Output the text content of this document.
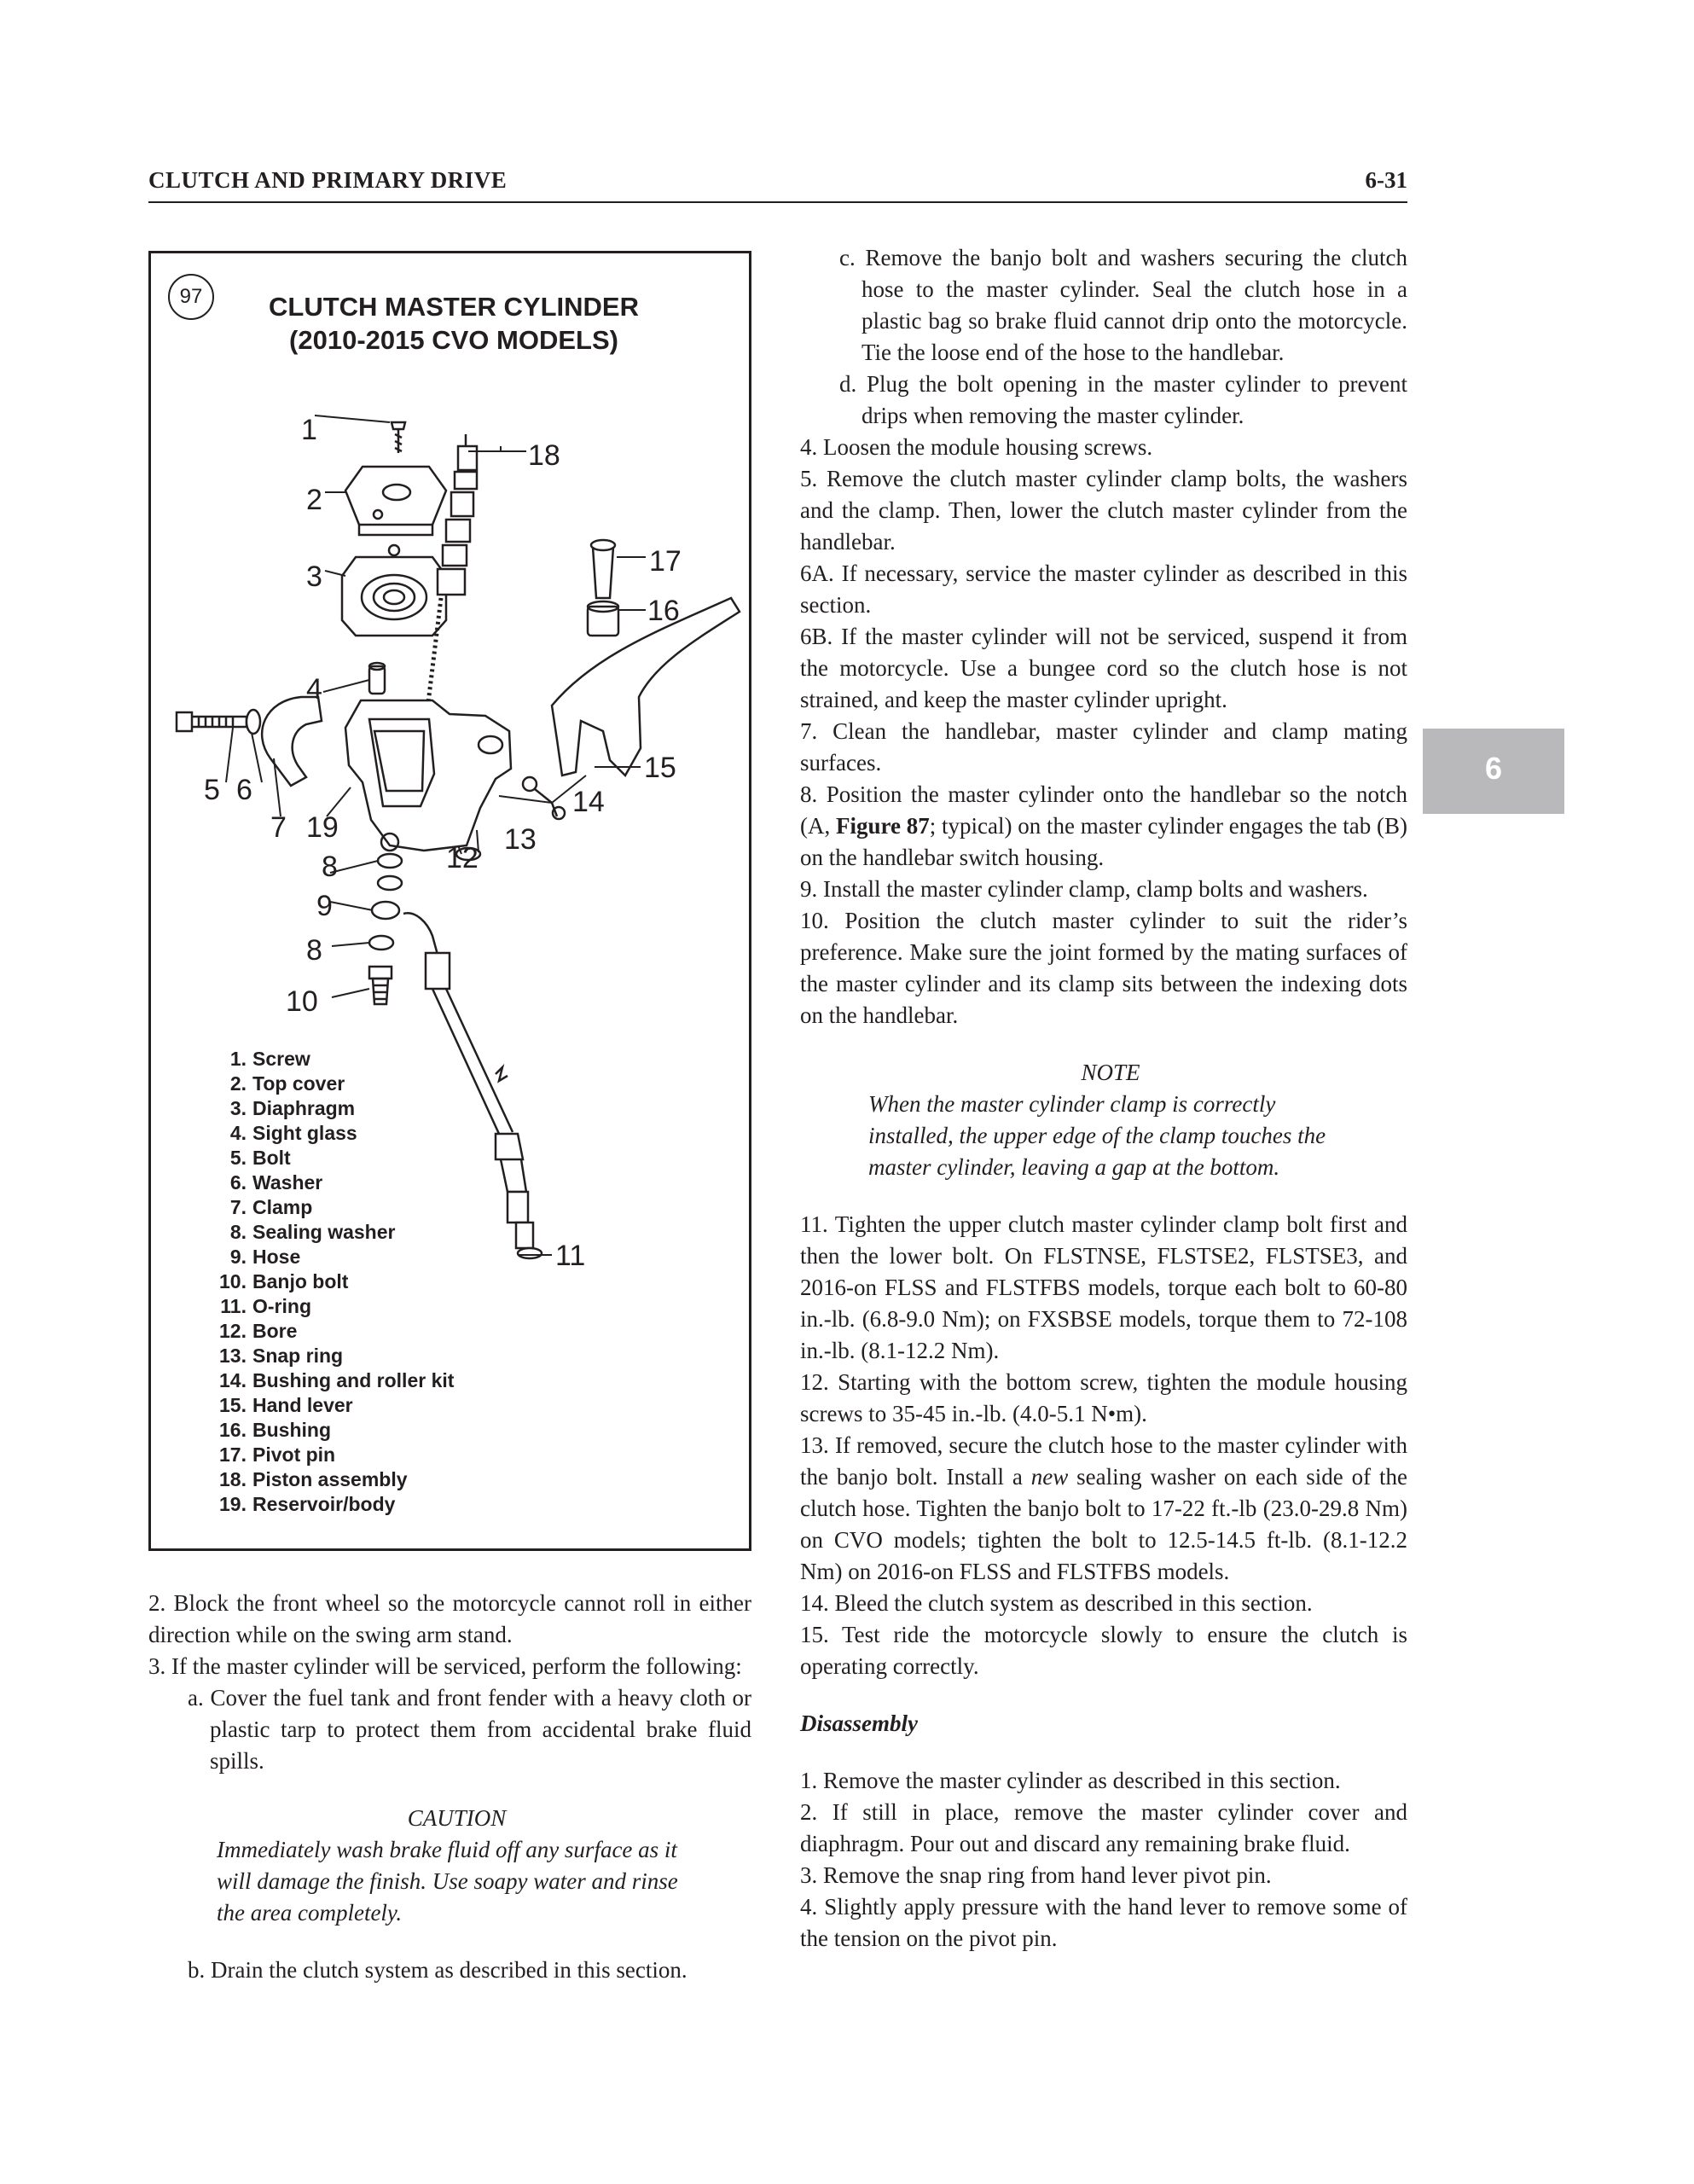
CLUTCH AND PRIMARY DRIVE	6-31
6
97	CLUTCH MASTER CYLINDER
(2010-2015 CVO MODELS)
1
2
3
4
5 6
7
8
8
9
10
11
12
13
14
15
16
17
18
19
1. Screw
2. Top cover
3. Diaphragm
4. Sight glass
5. Bolt
6. Washer
7. Clamp
8. Sealing washer
9. Hose
10. Banjo bolt
11. O-ring
12. Bore
13. Snap ring
14. Bushing and roller kit
15. Hand lever
16. Bushing
17. Pivot pin
18. Piston assembly
19. Reservoir/body

2. Block the front wheel so the motorcycle cannot roll in either direction while on the swing arm stand.

3. If the master cylinder will be serviced, perform the following:

a. Cover the fuel tank and front fender with a heavy cloth or plastic tarp to protect them from accidental brake fluid spills.

CAUTION

Immediately wash brake fluid off any surface as it will damage the finish. Use soapy water and rinse the area completely.

b. Drain the clutch system as described in this section.

c. Remove the banjo bolt and washers securing the clutch hose to the master cylinder. Seal the clutch hose in a plastic bag so brake fluid cannot drip onto the motorcycle. Tie the loose end of the hose to the handlebar.

d. Plug the bolt opening in the master cylinder to prevent drips when removing the master cylinder.

4. Loosen the module housing screws.

5. Remove the clutch master cylinder clamp bolts, the washers and the clamp. Then, lower the clutch master cylinder from the handlebar.

6A. If necessary, service the master cylinder as described in this section.

6B. If the master cylinder will not be serviced, suspend it from the motorcycle. Use a bungee cord so the clutch hose is not strained, and keep the master cylinder upright.

7. Clean the handlebar, master cylinder and clamp mating surfaces.

8. Position the master cylinder onto the handlebar so the notch (A, Figure 87; typical) on the master cylinder engages the tab (B) on the handlebar switch housing.

9. Install the master cylinder clamp, clamp bolts and washers.

10. Position the clutch master cylinder to suit the rider’s preference. Make sure the joint formed by the mating surfaces of the master cylinder and its clamp sits between the indexing dots on the handlebar.

NOTE

When the master cylinder clamp is correctly installed, the upper edge of the clamp touches the master cylinder, leaving a gap at the bottom.

11. Tighten the upper clutch master cylinder clamp bolt first and then the lower bolt. On FLSTNSE, FLSTSE2, FLSTSE3, and 2016-on FLSS and FLSTFBS models, torque each bolt to 60-80 in.-lb. (6.8-9.0 Nm); on FXSBSE models, torque them to 72-108 in.-lb. (8.1-12.2 Nm).

12. Starting with the bottom screw, tighten the module housing screws to 35-45 in.-lb. (4.0-5.1 N•m).

13. If removed, secure the clutch hose to the master cylinder with the banjo bolt. Install a new sealing washer on each side of the clutch hose. Tighten the banjo bolt to 17-22 ft.-lb (23.0-29.8 Nm) on CVO models; tighten the bolt to 12.5-14.5 ft-lb. (8.1-12.2 Nm) on 2016-on FLSS and FLSTFBS models.

14. Bleed the clutch system as described in this section.

15. Test ride the motorcycle slowly to ensure the clutch is operating correctly.

Disassembly

1. Remove the master cylinder as described in this section.

2. If still in place, remove the master cylinder cover and diaphragm. Pour out and discard any remaining brake fluid.

3. Remove the snap ring from hand lever pivot pin.

4. Slightly apply pressure with the hand lever to remove some of the tension on the pivot pin.
